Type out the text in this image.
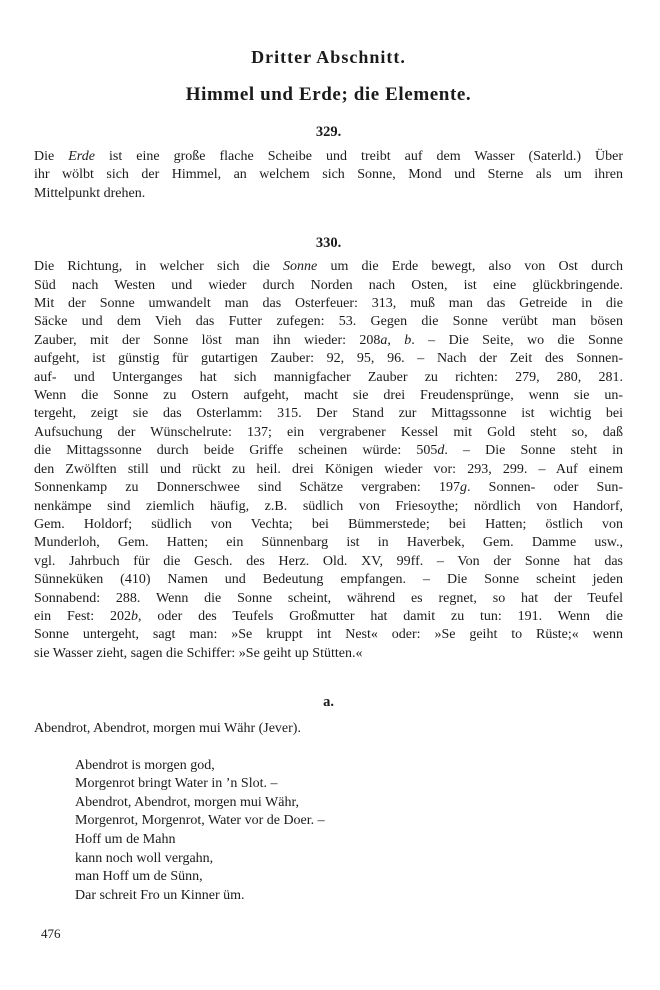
Dritter Abschnitt.
Himmel und Erde; die Elemente.
329.
Die Erde ist eine große flache Scheibe und treibt auf dem Wasser (Saterld.) Über
ihr wölbt sich der Himmel, an welchem sich Sonne, Mond und Sterne als um ihren
Mittelpunkt drehen.
330.
Die Richtung, in welcher sich die Sonne um die Erde bewegt, also von Ost durch
Süd nach Westen und wieder durch Norden nach Osten, ist eine glückbringende.
Mit der Sonne umwandelt man das Osterfeuer: 313, muß man das Getreide in die
Säcke und dem Vieh das Futter zufegen: 53. Gegen die Sonne verübt man bösen
Zauber, mit der Sonne löst man ihn wieder: 208a, b. – Die Seite, wo die Sonne
aufgeht, ist günstig für gutartigen Zauber: 92, 95, 96. – Nach der Zeit des Sonnen-
auf- und Unterganges hat sich mannigfacher Zauber zu richten: 279, 280, 281.
Wenn die Sonne zu Ostern aufgeht, macht sie drei Freudensprünge, wenn sie un-
tergeht, zeigt sie das Osterlamm: 315. Der Stand zur Mittagssonne ist wichtig bei
Aufsuchung der Wünschelrute: 137; ein vergrabener Kessel mit Gold steht so, daß
die Mittagssonne durch beide Griffe scheinen würde: 505d. – Die Sonne steht in
den Zwölften still und rückt zu heil. drei Königen wieder vor: 293, 299. – Auf einem
Sonnenkamp zu Donnerschwee sind Schätze vergraben: 197g. Sonnen- oder Sun-
nenkämpe sind ziemlich häufig, z.B. südlich von Friesoythe; nördlich von Handorf,
Gem. Holdorf; südlich von Vechta; bei Bümmerstede; bei Hatten; östlich von
Munderloh, Gem. Hatten; ein Sünnenbarg ist in Haverbek, Gem. Damme usw.,
vgl. Jahrbuch für die Gesch. des Herz. Old. XV, 99ff. – Von der Sonne hat das
Sünneküken (410) Namen und Bedeutung empfangen. – Die Sonne scheint jeden
Sonnabend: 288. Wenn die Sonne scheint, während es regnet, so hat der Teufel
ein Fest: 202b, oder des Teufels Großmutter hat damit zu tun: 191. Wenn die
Sonne untergeht, sagt man: »Se kruppt int Nest« oder: »Se geiht to Rüste;« wenn
sie Wasser zieht, sagen die Schiffer: »Se geiht up Stütten.«
a.
Abendrot, Abendrot, morgen mui Währ (Jever).
Abendrot is morgen god,
Morgenrot bringt Water in ’n Slot. –
Abendrot, Abendrot, morgen mui Währ,
Morgenrot, Morgenrot, Water vor de Doer. –
Hoff um de Mahn
kann noch woll vergahn,
man Hoff um de Sünn,
Dar schreit Fro un Kinner üm.
476
